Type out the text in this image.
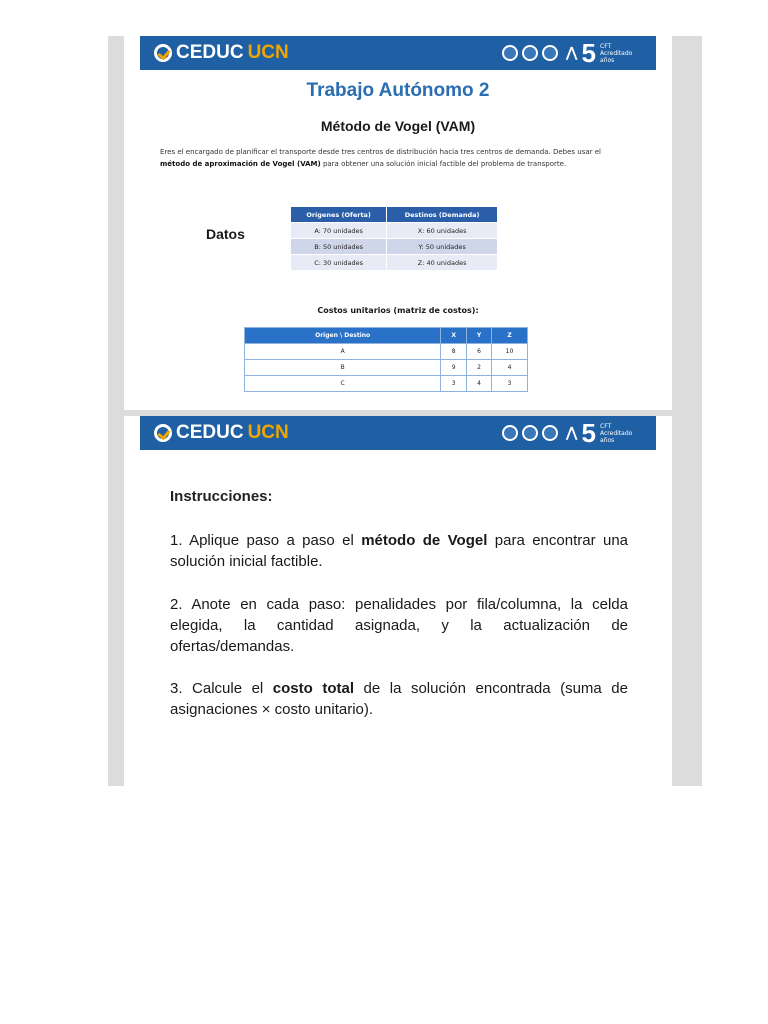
CEDUC UCN	⋀ 5 CFT Acreditado años
Trabajo Autónomo 2
Método de Vogel (VAM)
Eres el encargado de planificar el transporte desde tres centros de distribución hacia tres centros de demanda. Debes usar el método de aproximación de Vogel (VAM) para obtener una solución inicial factible del problema de transporte.
Datos
Orígenes (Oferta)	Destinos (Demanda)
A: 70 unidades	X: 60 unidades
B: 50 unidades	Y: 50 unidades
C: 30 unidades	Z: 40 unidades
Costos unitarios (matriz de costos):
Origen \ Destino	X	Y	Z
A	8	6	10
B	9	2	4
C	3	4	3
CEDUC UCN	⋀ 5 CFT Acreditado años
Instrucciones:
1. Aplique paso a paso el método de Vogel para encontrar una solución inicial factible.
2. Anote en cada paso: penalidades por fila/columna, la celda elegida, la cantidad asignada, y la actualización de ofertas/demandas.
3. Calcule el costo total de la solución encontrada (suma de asignaciones × costo unitario).
